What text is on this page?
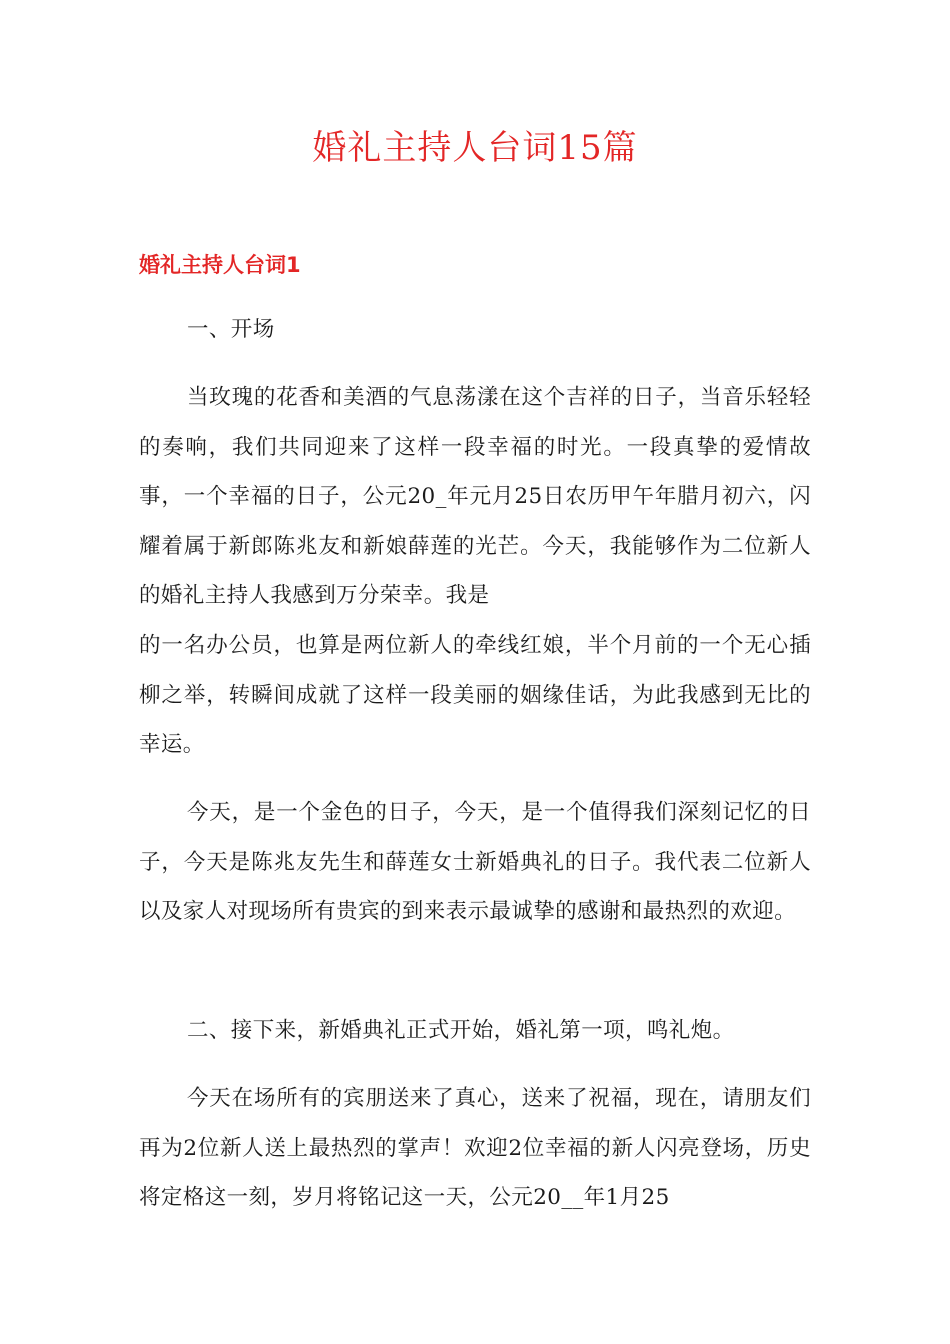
婚礼主持人台词15篇
婚礼主持人台词1

一、开场

当玫瑰的花香和美酒的气息荡漾在这个吉祥的日子，当音乐轻轻的奏响，我们共同迎来了这样一段幸福的时光。一段真挚的爱情故事，一个幸福的日子，公元20_年元月25日农历甲午年腊月初六，闪耀着属于新郎陈兆友和新娘薛莲的光芒。今天，我能够作为二位新人的婚礼主持人我感到万分荣幸。我是

的一名办公员，也算是两位新人的牵线红娘，半个月前的一个无心插柳之举，转瞬间成就了这样一段美丽的姻缘佳话，为此我感到无比的幸运。

今天，是一个金色的日子，今天，是一个值得我们深刻记忆的日子，今天是陈兆友先生和薛莲女士新婚典礼的日子。我代表二位新人以及家人对现场所有贵宾的到来表示最诚挚的感谢和最热烈的欢迎。

二、接下来，新婚典礼正式开始，婚礼第一项，鸣礼炮。

今天在场所有的宾朋送来了真心，送来了祝福，现在，请朋友们再为2位新人送上最热烈的掌声！欢迎2位幸福的新人闪亮登场，历史将定格这一刻，岁月将铭记这一天，公元20__年1月25
